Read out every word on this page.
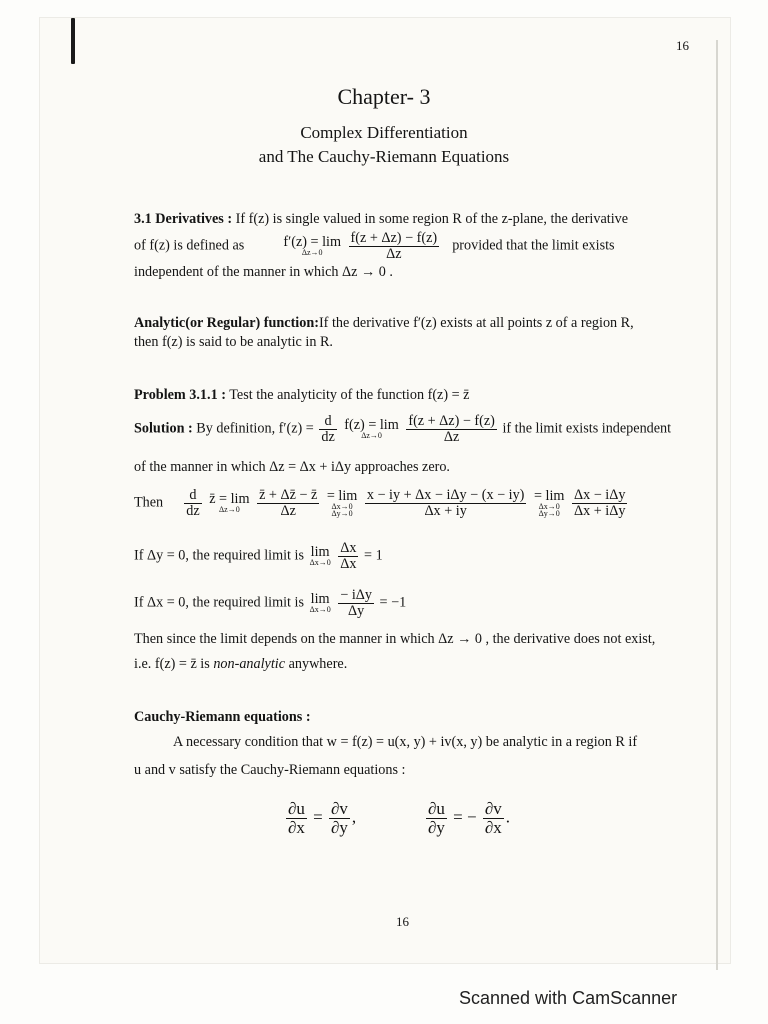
16
Chapter- 3
Complex Differentiation
and The Cauchy-Riemann Equations
3.1 Derivatives : If f(z) is single valued in some region R of the z-plane, the derivative
of f(z) is defined as	f′(z) = lim
Δz→0
	$\frac{f(z + \Delta z) - f(z)}{\Delta z}$ provided that the limit exists
independent of the manner in which Δz → 0 .
Analytic(or Regular) function:If the derivative f′(z) exists at all points z of a region R,
then f(z) is said to be analytic in R.
Problem 3.1.1 : Test the analyticity of the function f(z) = z̄
Solution : By definition, $f'(z) = \frac{d}{dz} f(z) = \lim$
Δz→0
	$\frac{f(z + \Delta z) - f(z)}{\Delta z}$ if the limit exists independent
of the manner in which Δz = Δx + iΔy approaches zero.
Then $\frac{d}{dz}$ z̄ = lim
Δz→0
	$\frac{z̄ + \Delta z̄ - z̄}{\Delta z} = \lim$
Δx→0
Δy→0
$\frac{\text{x − iy + Δx − iΔy − (x − iy)}}{\Delta x + iy} = \lim$
Δx→0
Δy→0
$\frac{\text{Δx − iΔy}}{\text{Δx + iΔy}}$
If Δy = 0, the required limit is lim
Δx→0
$\frac{\Delta x}{\Delta x} = 1$
If Δx = 0, the required limit is lim
Δx→0
$\frac{\text{− iΔy}}{\Delta y} = -1$
Then since the limit depends on the manner in which Δz → 0 , the derivative does not exist,
i.e. f(z) = z̄ is non-analytic anywhere.
Cauchy-Riemann equations :
A necessary condition that w = f(z) = u(x, y) + iv(x, y) be analytic in a region R if
u and v satisfy the Cauchy-Riemann equations :
$\frac{\partial u}{\partial x} = \frac{\partial v}{\partial y}$ ,	$\frac{\partial u}{\partial y}$ = − $\frac{\partial v}{\partial x}$ .
16
Scanned with CamScanner
